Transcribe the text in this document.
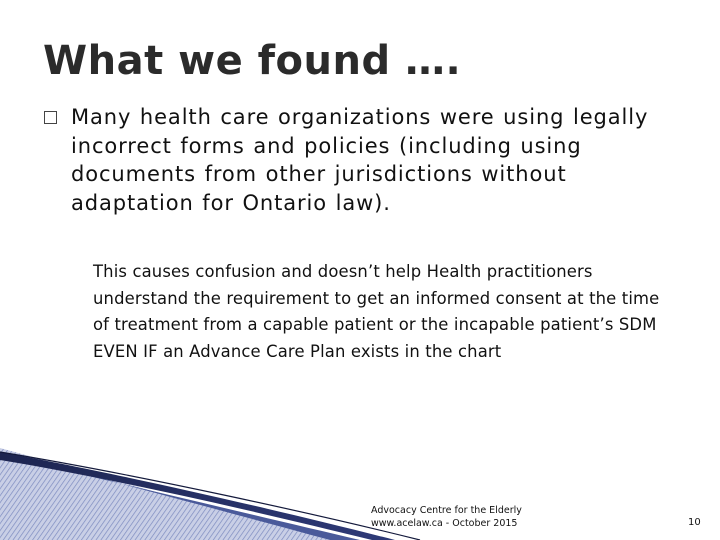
What we found ….
Many health care organizations were using legally incorrect forms and policies (including using documents from other jurisdictions without adaptation for Ontario law).
This causes confusion and doesn’t help Health practitioners understand the requirement to get an informed consent at the time of treatment from a capable patient or the incapable patient’s SDM EVEN IF an Advance Care Plan exists in the chart
Advocacy Centre for the Elderly
www.acelaw.ca - October 2015	10
